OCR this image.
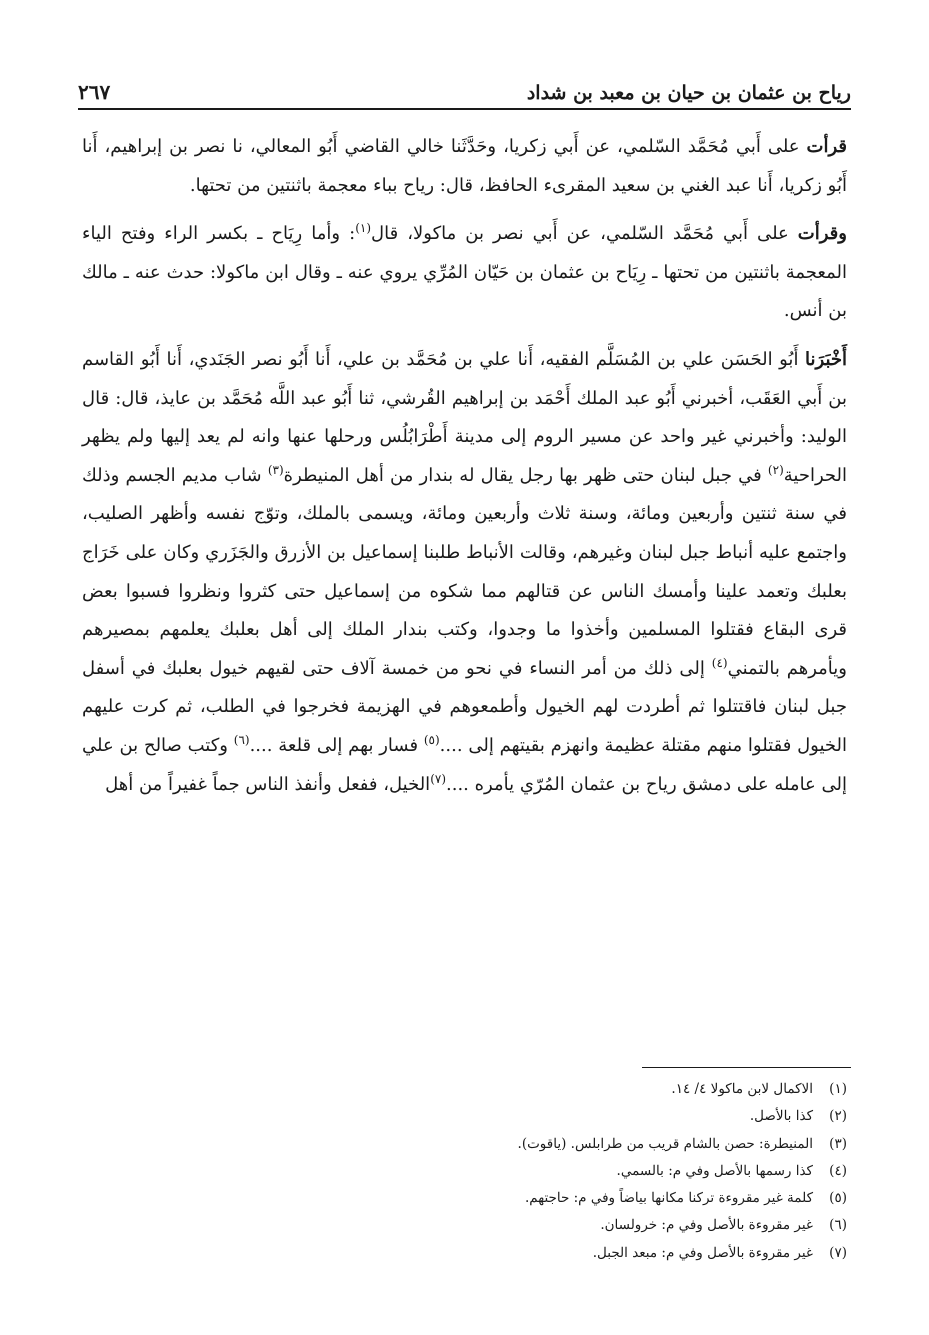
رياح بن عثمان بن حيان بن معبد بن شداد
٢٦٧

قرأت على أَبي مُحَمَّد السّلمي، عن أَبي زكريا، وحَدَّثَنا خالي القاضي أَبُو المعالي، نا نصر بن إبراهيم، أَنا أَبُو زكريا، أَنا عبد الغني بن سعيد المقرىء الحافظ، قال: رياح بباء معجمة باثنتين من تحتها.

وقرأت على أَبي مُحَمَّد السّلمي، عن أَبي نصر بن ماكولا، قال$^{(١)}$: وأما رِيَاح ـ بكسر الراء وفتح الياء المعجمة باثنتين من تحتها ـ رِيَاح بن عثمان بن حَيّان المُرِّي يروي عنه ـ وقال ابن ماكولا: حدث عنه ـ مالك بن أنس.

أَخْبَرَنا أَبُو الحَسَن علي بن المُسَلَّم الفقيه، أَنا علي بن مُحَمَّد بن علي، أَنا أَبُو نصر الجَنَدي، أَنا أَبُو القاسم بن أَبي العَقَب، أخبرني أَبُو عبد الملك أَحْمَد بن إبراهيم القُرشي، ثنا أَبُو عبد اللَّه مُحَمَّد بن عايذ، قال: قال الوليد: وأخبرني غير واحد عن مسير الروم إلى مدينة أَطْرَابُلُس ورحلها عنها وانه لم يعد إليها ولم يظهر الحراحية$^{(٢)}$ في جبل لبنان حتى ظهر بها رجل يقال له بندار من أهل المنيطرة$^{(٣)}$ شاب مديم الجسم وذلك في سنة ثنتين وأربعين ومائة، وسنة ثلاث وأربعين ومائة، ويسمى بالملك، وتوّج نفسه وأظهر الصليب، واجتمع عليه أنباط جبل لبنان وغيرهم، وقالت الأنباط طلبنا إسماعيل بن الأزرق والجَزَري وكان على خَرَاج بعلبك وتعمد علينا وأمسك الناس عن قتالهم مما شكوه من إسماعيل حتى كثروا ونظروا فسبوا بعض قرى البقاع فقتلوا المسلمين وأخذوا ما وجدوا، وكتب بندار الملك إلى أهل بعلبك يعلمهم بمصيرهم ويأمرهم بالتمني$^{(٤)}$ إلى ذلك من أمر النساء في نحو من خمسة آلاف حتى لقيهم خيول بعلبك في أسفل جبل لبنان فاقتتلوا ثم أطردت لهم الخيول وأطمعوهم في الهزيمة فخرجوا في الطلب، ثم كرت عليهم الخيول فقتلوا منهم مقتلة عظيمة وانهزم بقيتهم إلى ....$^{(٥)}$ فسار بهم إلى قلعة ....$^{(٦)}$ وكتب صالح بن علي إلى عامله على دمشق رياح بن عثمان المُرّي يأمره ....$^{(٧)}$الخيل، ففعل وأنفذ الناس جماً غفيراً من أهل

(١)
الاكمال لابن ماكولا ٤/ ١٤.
(٢)
كذا بالأصل.
(٣)
المنيطرة: حصن بالشام قريب من طرابلس. (ياقوت).
(٤)
كذا رسمها بالأصل وفي م: بالسمي.
(٥)
كلمة غير مقروءة تركنا مكانها بياضاً وفي م: حاجتهم.
(٦)
غير مقروءة بالأصل وفي م: خرولسان.
(٧)
غير مقروءة بالأصل وفي م: مبعد الجبل.
